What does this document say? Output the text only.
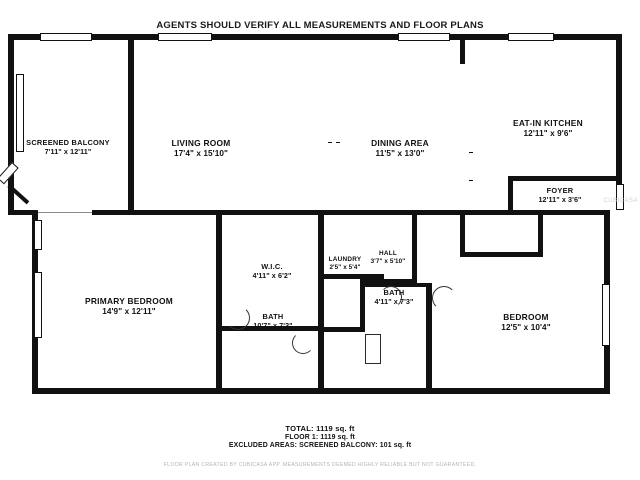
AGENTS SHOULD VERIFY ALL MEASUREMENTS AND FLOOR PLANS
SCREENED BALCONY
7'11" x 12'11"
LIVING ROOM
17'4" x 15'10"
DINING AREA
11'5" x 13'0"
EAT-IN KITCHEN
12'11" x 9'6"
FOYER
12'11" x 3'6"
W.I.C.
4'11" x 6'2"
LAUNDRY
2'5" x 5'4"
HALL
3'7" x 5'10"
PRIMARY BEDROOM
14'9" x 12'11"
BATH
10'7" x 7'3"
BATH
4'11" x 7'3"
BEDROOM
12'5" x 10'4"
CUBICASA
TOTAL: 1119 sq. ft
FLOOR 1: 1119 sq. ft
EXCLUDED AREAS: SCREENED BALCONY: 101 sq. ft
FLOOR PLAN CREATED BY CUBICASA APP. MEASUREMENTS DEEMED HIGHLY RELIABLE BUT NOT GUARANTEED.
